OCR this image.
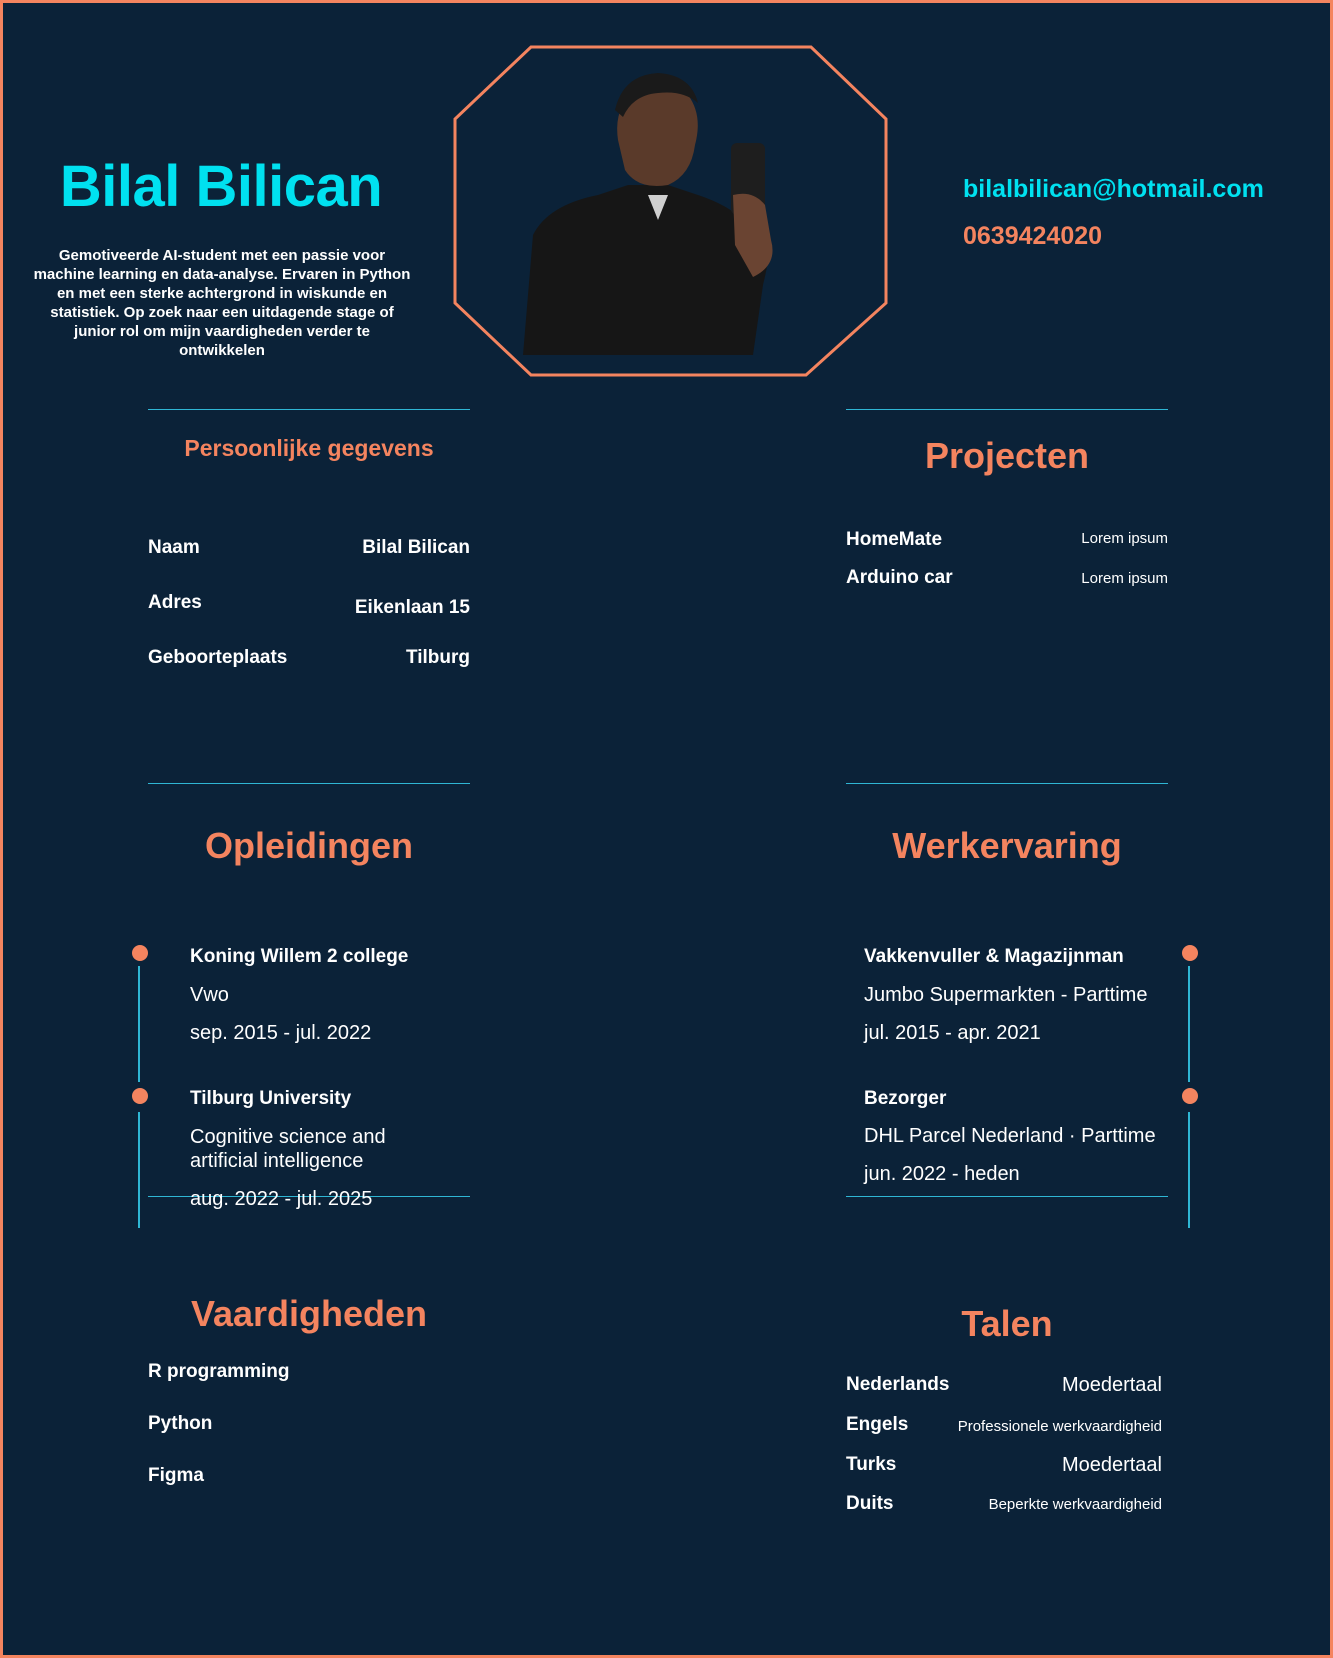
Bilal Bilican
Gemotiveerde AI-student met een passie voor machine learning en data-analyse. Ervaren in Python en met een sterke achtergrond in wiskunde en statistiek. Op zoek naar een uitdagende stage of junior rol om mijn vaardigheden verder te ontwikkelen
bilalbilican@hotmail.com
0639424020
Persoonlijke gegevens
Naam	Bilal Bilican
Adres	Eikenlaan 15
Geboorteplaats	Tilburg
Projecten
HomeMate	Lorem ipsum
Arduino car	Lorem ipsum
Opleidingen
Koning Willem 2 college
Vwo
sep. 2015 - jul. 2022
Tilburg University
Cognitive science and
artificial intelligence
aug. 2022 - jul. 2025
Werkervaring
Vakkenvuller & Magazijnman
Jumbo Supermarkten - Parttime
jul. 2015 - apr. 2021
Bezorger
DHL Parcel Nederland · Parttime
jun. 2022 - heden
Vaardigheden
R programming
Python
Figma
Talen
Nederlands	Moedertaal
Engels	Professionele werkvaardigheid
Turks	Moedertaal
Duits	Beperkte werkvaardigheid
